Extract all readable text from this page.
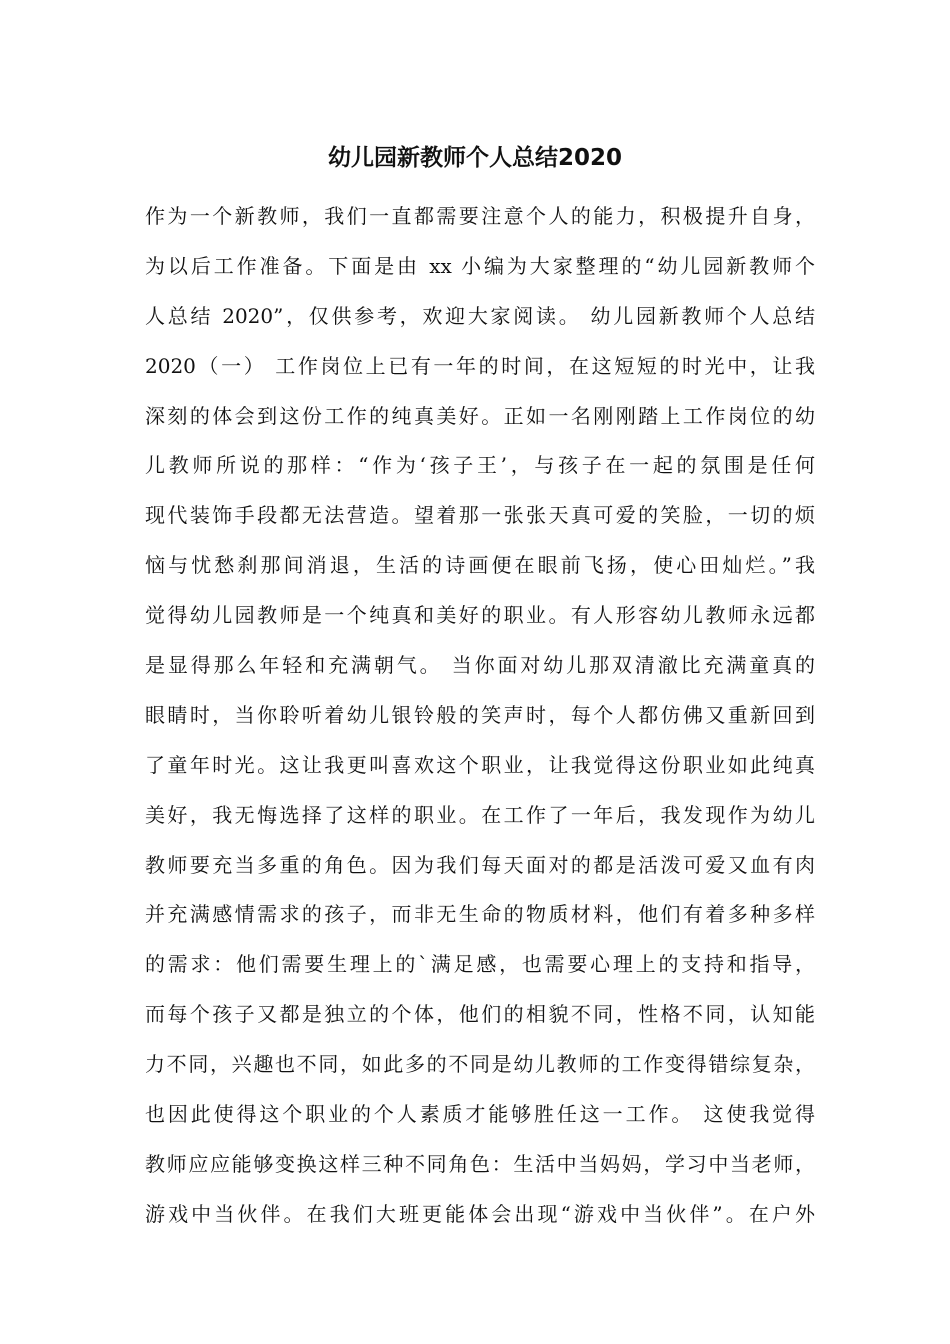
幼儿园新教师个人总结2020
作为一个新教师，我们一直都需要注意个人的能力，积极提升自身，
为以后工作准备。下面是由 xx 小编为大家整理的“幼儿园新教师个
人总结 2020”，仅供参考，欢迎大家阅读。 幼儿园新教师个人总结
2020（一） 工作岗位上已有一年的时间，在这短短的时光中，让我
深刻的体会到这份工作的纯真美好。正如一名刚刚踏上工作岗位的幼
儿教师所说的那样：“作为‘孩子王’，与孩子在一起的氛围是任何
现代装饰手段都无法营造。望着那一张张天真可爱的笑脸，一切的烦
恼与忧愁刹那间消退，生活的诗画便在眼前飞扬，使心田灿烂。”我
觉得幼儿园教师是一个纯真和美好的职业。有人形容幼儿教师永远都
是显得那么年轻和充满朝气。 当你面对幼儿那双清澈比充满童真的
眼睛时，当你聆听着幼儿银铃般的笑声时，每个人都仿佛又重新回到
了童年时光。这让我更叫喜欢这个职业，让我觉得这份职业如此纯真
美好，我无悔选择了这样的职业。在工作了一年后，我发现作为幼儿
教师要充当多重的角色。因为我们每天面对的都是活泼可爱又血有肉
并充满感情需求的孩子，而非无生命的物质材料，他们有着多种多样
的需求：他们需要生理上的`满足感，也需要心理上的支持和指导，
而每个孩子又都是独立的个体，他们的相貌不同，性格不同，认知能
力不同，兴趣也不同，如此多的不同是幼儿教师的工作变得错综复杂，
也因此使得这个职业的个人素质才能够胜任这一工作。 这使我觉得
教师应应能够变换这样三种不同角色：生活中当妈妈，学习中当老师，
游戏中当伙伴。在我们大班更能体会出现“游戏中当伙伴”。在户外
